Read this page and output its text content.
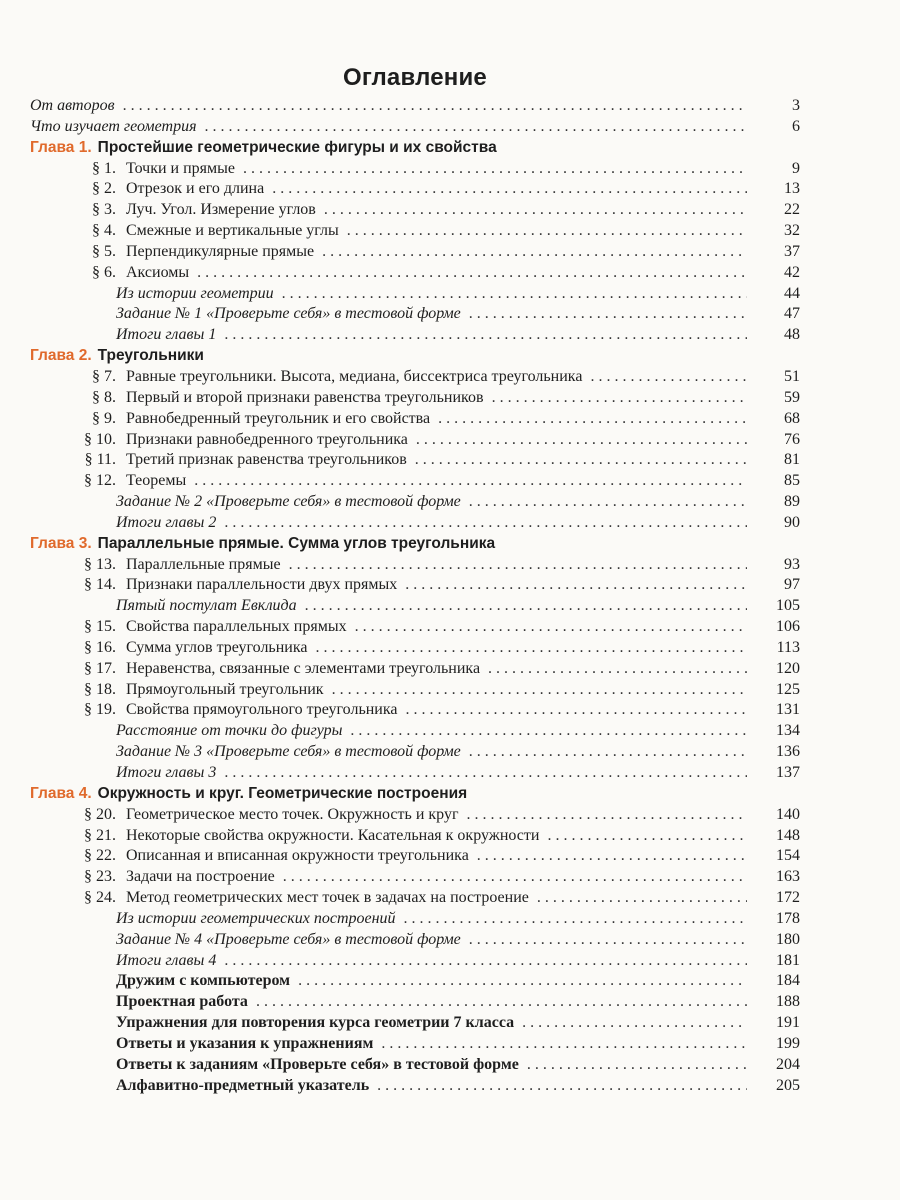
Оглавление
От авторов . . .	3
Что изучает геометрия . . .	6
Глава 1. Простейшие геометрические фигуры и их свойства
§ 1. Точки и прямые . . .	9
§ 2. Отрезок и его длина . . .	13
§ 3. Луч. Угол. Измерение углов . . .	22
§ 4. Смежные и вертикальные углы . . .	32
§ 5. Перпендикулярные прямые . . .	37
§ 6. Аксиомы . . .	42
Из истории геометрии . . .	44
Задание № 1 «Проверьте себя» в тестовой форме . . .	47
Итоги главы 1 . . .	48
Глава 2. Треугольники
§ 7. Равные треугольники. Высота, медиана, биссектриса треугольника . . .	51
§ 8. Первый и второй признаки равенства треугольников . . .	59
§ 9. Равнобедренный треугольник и его свойства . . .	68
§ 10. Признаки равнобедренного треугольника . . .	76
§ 11. Третий признак равенства треугольников . . .	81
§ 12. Теоремы . . .	85
Задание № 2 «Проверьте себя» в тестовой форме . . .	89
Итоги главы 2 . . .	90
Глава 3. Параллельные прямые. Сумма углов треугольника
§ 13. Параллельные прямые . . .	93
§ 14. Признаки параллельности двух прямых . . .	97
Пятый постулат Евклида . . .	105
§ 15. Свойства параллельных прямых . . .	106
§ 16. Сумма углов треугольника . . .	113
§ 17. Неравенства, связанные с элементами треугольника . . .	120
§ 18. Прямоугольный треугольник . . .	125
§ 19. Свойства прямоугольного треугольника . . .	131
Расстояние от точки до фигуры . . .	134
Задание № 3 «Проверьте себя» в тестовой форме . . .	136
Итоги главы 3 . . .	137
Глава 4. Окружность и круг. Геометрические построения
§ 20. Геометрическое место точек. Окружность и круг . . .	140
§ 21. Некоторые свойства окружности. Касательная к окружности . . .	148
§ 22. Описанная и вписанная окружности треугольника . . .	154
§ 23. Задачи на построение . . .	163
§ 24. Метод геометрических мест точек в задачах на построение . . .	172
Из истории геометрических построений . . .	178
Задание № 4 «Проверьте себя» в тестовой форме . . .	180
Итоги главы 4 . . .	181
Дружим с компьютером . . .	184
Проектная работа . . .	188
Упражнения для повторения курса геометрии 7 класса . . .	191
Ответы и указания к упражнениям . . .	199
Ответы к заданиям «Проверьте себя» в тестовой форме . . .	204
Алфавитно-предметный указатель . . .	205
